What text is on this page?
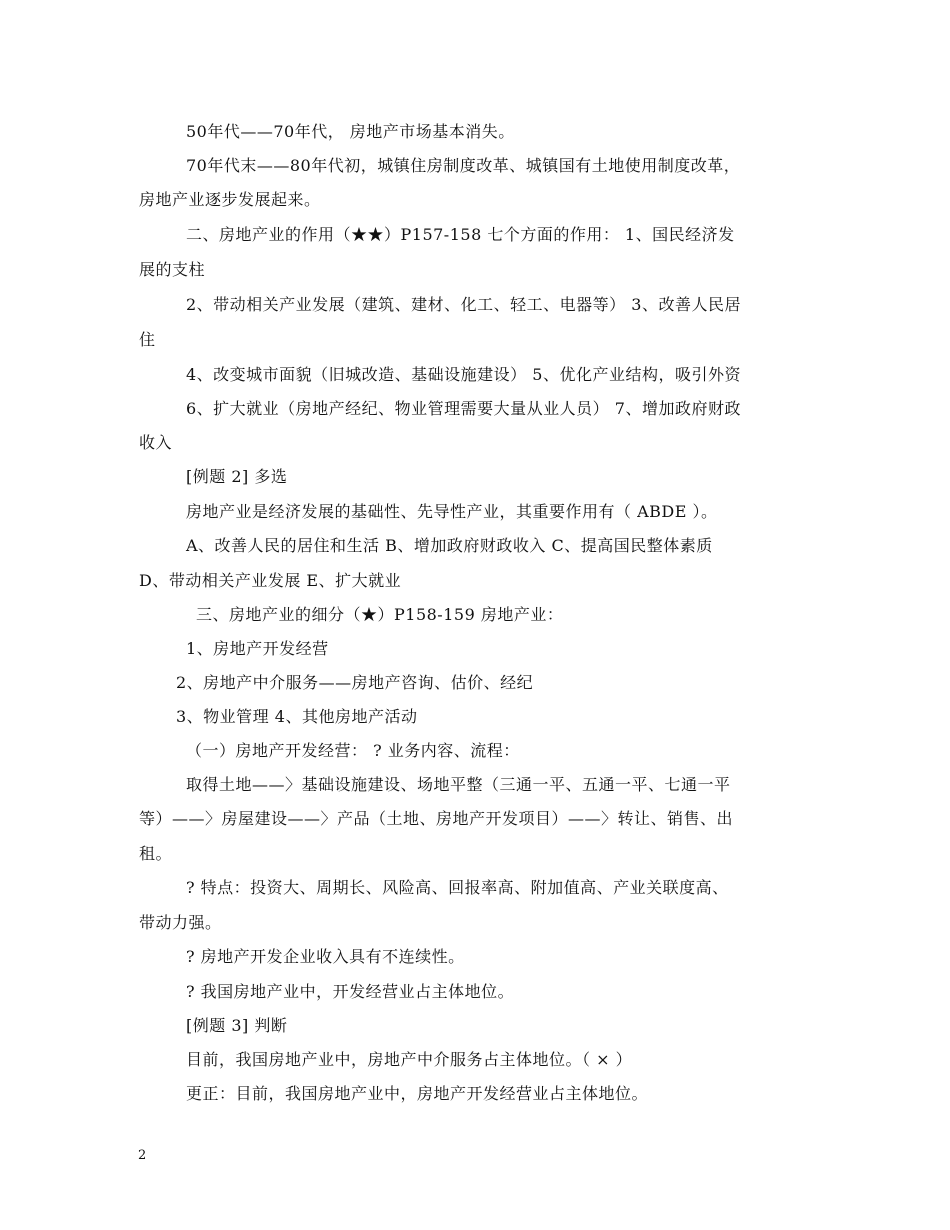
50年代——70年代， 房地产市场基本消失。
70年代末——80年代初，城镇住房制度改革、城镇国有土地使用制度改革，
房地产业逐步发展起来。
二、房地产业的作用（★★）P157-158 七个方面的作用： 1、国民经济发
展的支柱
2、带动相关产业发展（建筑、建材、化工、轻工、电器等） 3、改善人民居
住
4、改变城市面貌（旧城改造、基础设施建设） 5、优化产业结构，吸引外资
6、扩大就业（房地产经纪、物业管理需要大量从业人员） 7、增加政府财政
收入
[例题 2] 多选
房地产业是经济发展的基础性、先导性产业，其重要作用有（ ABDE ）。
A、改善人民的居住和生活 B、增加政府财政收入 C、提高国民整体素质
D、带动相关产业发展 E、扩大就业
三、房地产业的细分（★）P158-159 房地产业：
1、房地产开发经营
2、房地产中介服务——房地产咨询、估价、经纪
3、物业管理 4、其他房地产活动
（一）房地产开发经营： ? 业务内容、流程：
取得土地——〉基础设施建设、场地平整（三通一平、五通一平、七通一平
等）——〉房屋建设——〉产品（土地、房地产开发项目）——〉转让、销售、出
租。
? 特点：投资大、周期长、风险高、回报率高、附加值高、产业关联度高、
带动力强。
? 房地产开发企业收入具有不连续性。
? 我国房地产业中，开发经营业占主体地位。
[例题 3] 判断
目前，我国房地产业中，房地产中介服务占主体地位。（ × ）
更正：目前，我国房地产业中，房地产开发经营业占主体地位。
2
